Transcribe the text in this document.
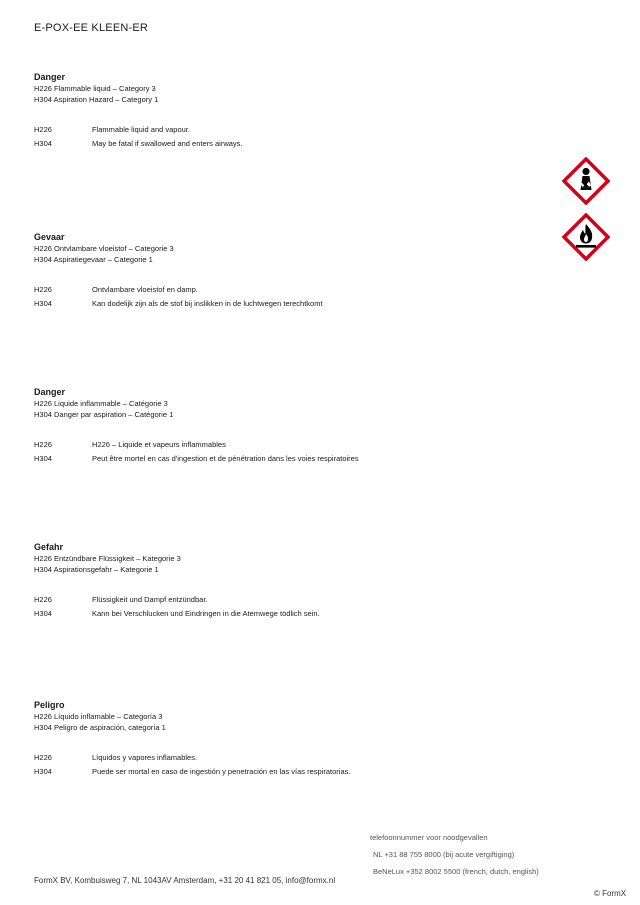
E-POX-EE KLEEN-ER
Danger
H226 Flammable liquid – Category 3
H304 Aspiration Hazard – Category 1
H226	Flammable liquid and vapour.
H304	May be fatal if swallowed and enters airways.
Gevaar
H226 Ontvlambare vloeistof – Categorie 3
H304 Aspiratiegevaar – Categorie 1
H226	Ontvlambare vloeistof en damp.
H304	Kan dodelijk zijn als de stof bij inslikken in de luchtwegen terechtkomt
Danger
H226 Liquide inflammable – Catégorie 3
H304 Danger par aspiration – Catégorie 1
H226	H226 – Liquide et vapeurs inflammables
H304	Peut être mortel en cas d'ingestion et de pénétration dans les voies respiratoires
Gefahr
H226 Entzündbare Flüssigkeit – Kategorie 3
H304 Aspirationsgefahr – Kategorie 1
H226	Flüssigkeit und Dampf entzündbar.
H304	Kann bei Verschlucken und Eindringen in die Atemwege tödlich sein.
Peligro
H226 Líquido inflamable – Categoría 3
H304 Peligro de aspiración, categoría 1
H226	Líquidos y vapores inflamables.
H304	Puede ser mortal en caso de ingestión y penetración en las vías respiratorias.
telefoonnummer voor noodgevallen
NL +31 88 755 8000 (bij acute vergiftiging)
BeNeLux +352 8002 5500 (french, dutch, english)
FormX BV, Kombuisweg 7, NL 1043AV Amsterdam, +31 20 41 821 05, info@formx.nl
© FormX
